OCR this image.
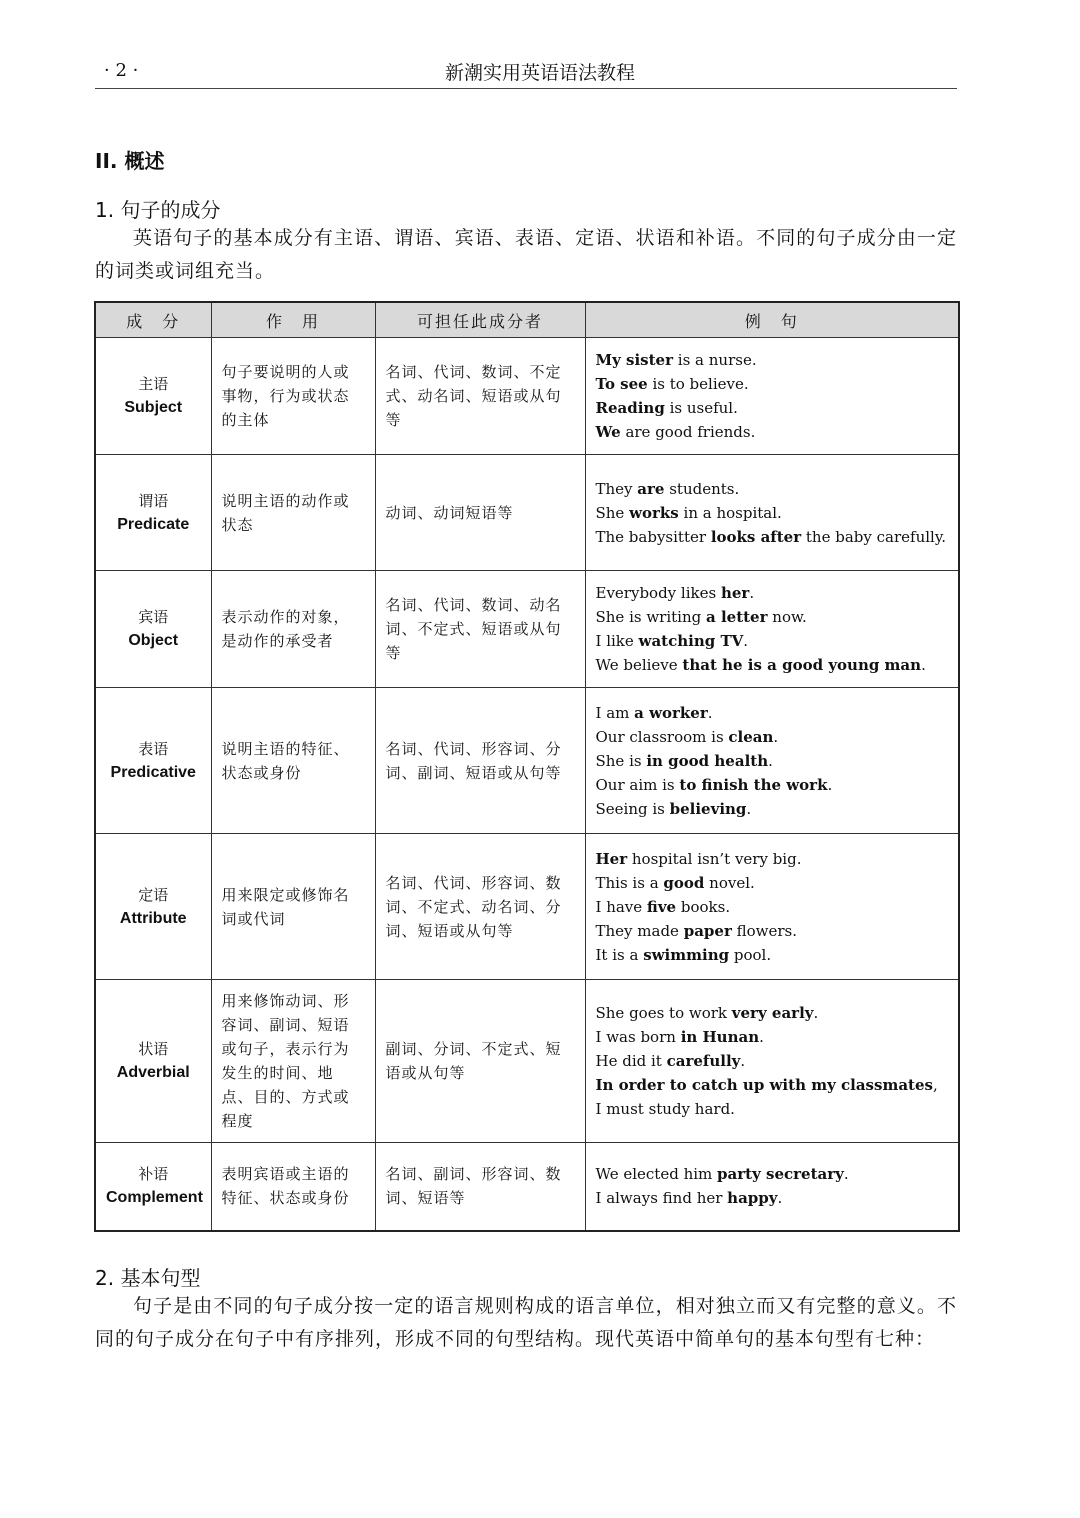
· 2 ·	新潮实用英语语法教程
II. 概述
1. 句子的成分
英语句子的基本成分有主语、谓语、宾语、表语、定语、状语和补语。不同的句子成分由一定的词类或词组充当。
成　分	作　用	可担任此成分者	例　句

主语
Subject	句子要说明的人或事物，行为或状态的主体	名词、代词、数词、不定式、动名词、短语或从句等	My sister is a nurse.
To see is to believe.
Reading is useful.
We are good friends.

谓语
Predicate	说明主语的动作或状态	动词、动词短语等	They are students.
She works in a hospital.
The babysitter looks after the baby carefully.

宾语
Object	表示动作的对象，是动作的承受者	名词、代词、数词、动名词、不定式、短语或从句等	Everybody likes her.
She is writing a letter now.
I like watching TV.
We believe that he is a good young man.

表语
Predicative	说明主语的特征、状态或身份	名词、代词、形容词、分词、副词、短语或从句等	I am a worker.
Our classroom is clean.
She is in good health.
Our aim is to finish the work.
Seeing is believing.

定语
Attribute	用来限定或修饰名词或代词	名词、代词、形容词、数词、不定式、动名词、分词、短语或从句等	Her hospital isn’t very big.
This is a good novel.
I have five books.
They made paper flowers.
It is a swimming pool.

状语
Adverbial	用来修饰动词、形容词、副词、短语或句子，表示行为发生的时间、地点、目的、方式或程度	副词、分词、不定式、短语或从句等	She goes to work very early.
I was born in Hunan.
He did it carefully.
In order to catch up with my classmates, I must study hard.

补语
Complement	表明宾语或主语的特征、状态或身份	名词、副词、形容词、数词、短语等	We elected him party secretary.
I always find her happy.
2. 基本句型
句子是由不同的句子成分按一定的语言规则构成的语言单位，相对独立而又有完整的意义。不同的句子成分在句子中有序排列，形成不同的句型结构。现代英语中简单句的基本句型有七种：
